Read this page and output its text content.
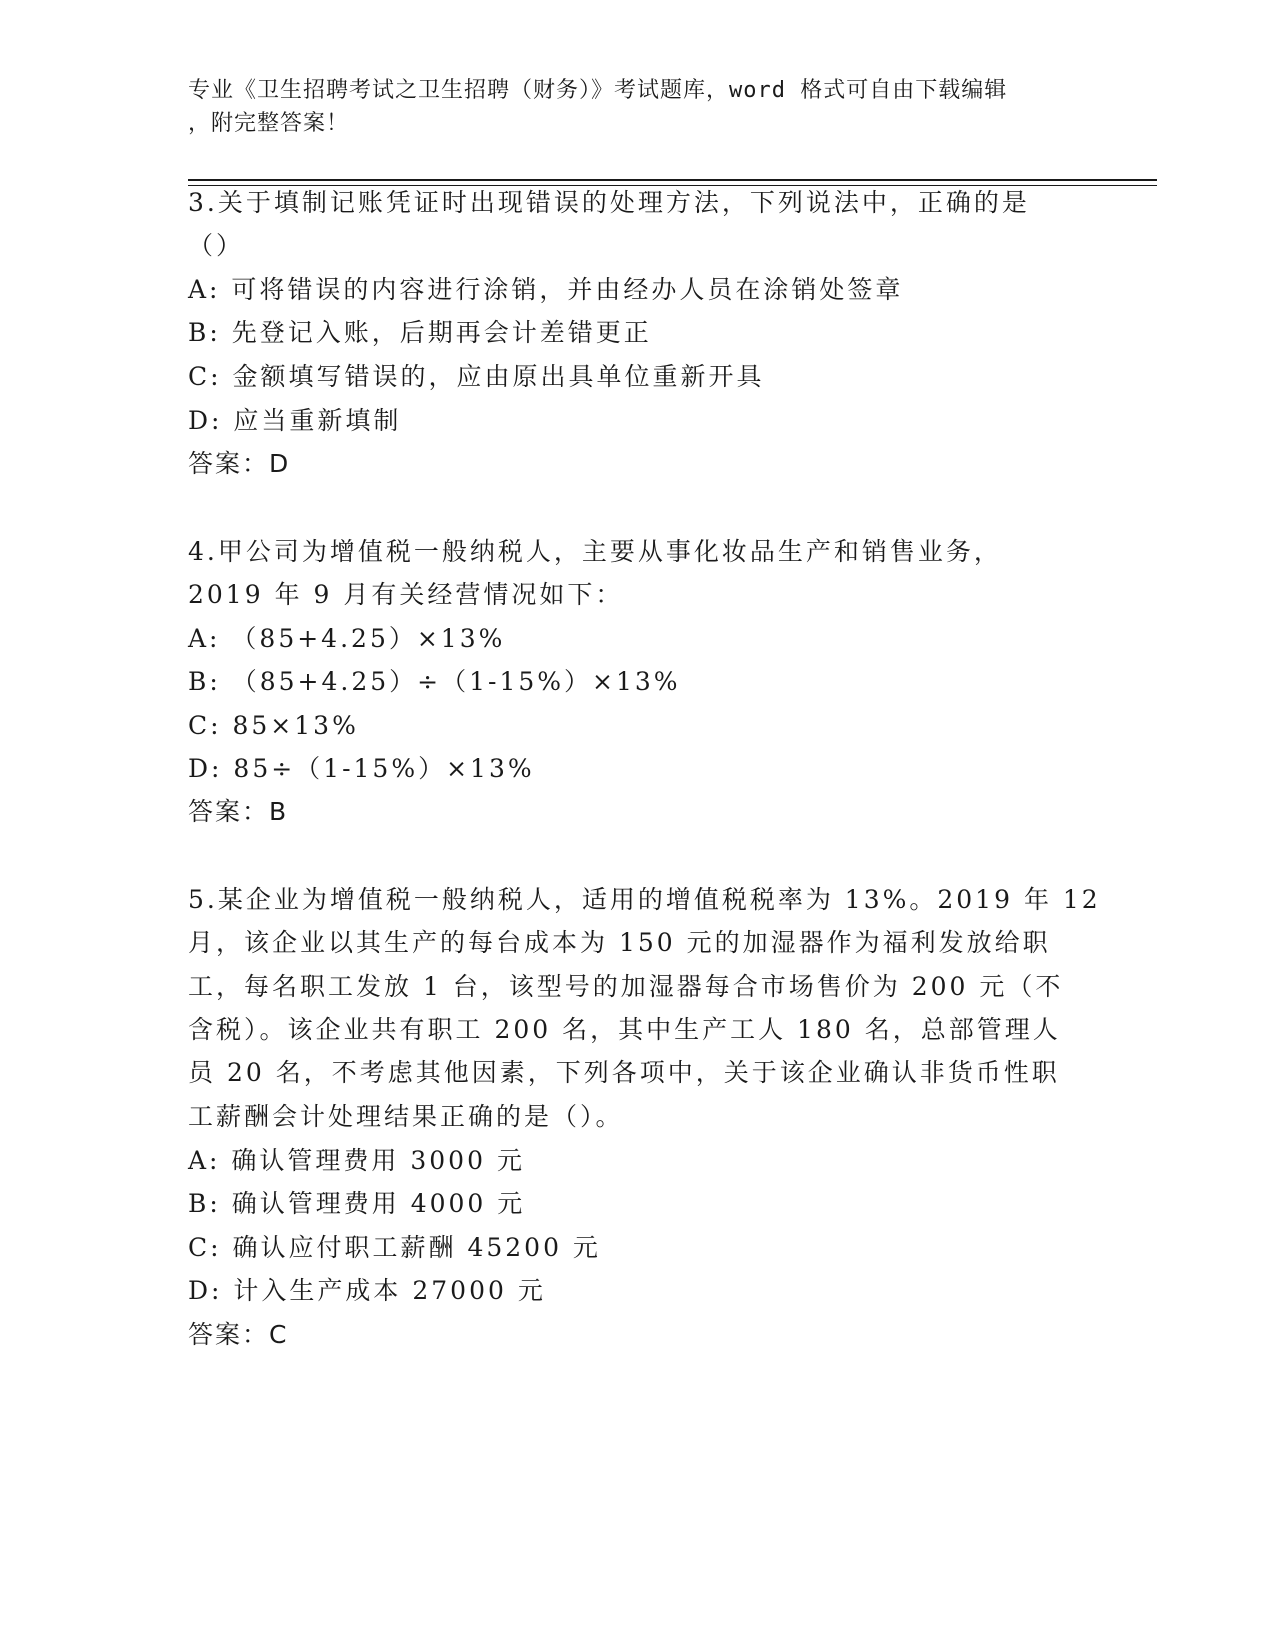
专业《卫生招聘考试之卫生招聘（财务）》考试题库，word 格式可自由下载编辑
，附完整答案！
3.关于填制记账凭证时出现错误的处理方法，下列说法中，正确的是
（）
A: 可将错误的内容进行涂销，并由经办人员在涂销处签章
B: 先登记入账，后期再会计差错更正
C: 金额填写错误的，应由原出具单位重新开具
D: 应当重新填制
答案：D
4.甲公司为增值税一般纳税人，主要从事化妆品生产和销售业务，
2019 年 9 月有关经营情况如下：
A: （85+4.25）×13%
B: （85+4.25）÷（1-15%）×13%
C: 85×13%
D: 85÷（1-15%）×13%
答案：B
5.某企业为增值税一般纳税人，适用的增值税税率为 13%。2019 年 12
月，该企业以其生产的每台成本为 150 元的加湿器作为福利发放给职
工，每名职工发放 1 台，该型号的加湿器每合市场售价为 200 元（不
含税）。该企业共有职工 200 名，其中生产工人 180 名，总部管理人
员 20 名，不考虑其他因素，下列各项中，关于该企业确认非货币性职
工薪酬会计处理结果正确的是（）。
A: 确认管理费用 3000 元
B: 确认管理费用 4000 元
C: 确认应付职工薪酬 45200 元
D: 计入生产成本 27000 元
答案：C
